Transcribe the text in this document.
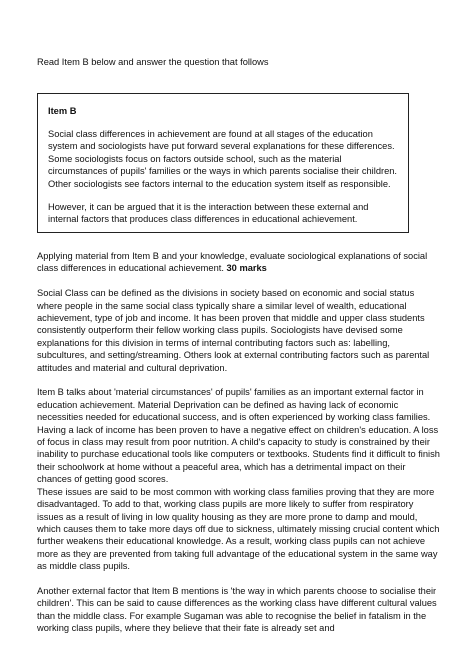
Read Item B below and answer the question that follows
Item B

Social class differences in achievement are found at all stages of the education system and sociologists have put forward several explanations for these differences. Some sociologists focus on factors outside school, such as the material circumstances of pupils' families or the ways in which parents socialise their children. Other sociologists see factors internal to the education system itself as responsible.

However, it can be argued that it is the interaction between these external and internal factors that produces class differences in educational achievement.

Applying material from Item B and your knowledge, evaluate sociological explanations of social class differences in educational achievement. 30 marks

Social Class can be defined as the divisions in society based on economic and social status where people in the same social class typically share a similar level of wealth, educational achievement, type of job and income. It has been proven that middle and upper class students consistently outperform their fellow working class pupils. Sociologists have devised some explanations for this division in terms of internal contributing factors such as: labelling, subcultures, and setting/streaming. Others look at external contributing factors such as parental attitudes and material and cultural deprivation.

Item B talks about 'material circumstances' of pupils' families as an important external factor in education achievement. Material Deprivation can be defined as having lack of economic necessities needed for educational success, and is often experienced by working class families. Having a lack of income has been proven to have a negative effect on children's education. A loss of focus in class may result from poor nutrition. A child's capacity to study is constrained by their inability to purchase educational tools like computers or textbooks. Students find it difficult to finish their schoolwork at home without a peaceful area, which has a detrimental impact on their chances of getting good scores.

These issues are said to be most common with working class families proving that they are more disadvantaged. To add to that, working class pupils are more likely to suffer from respiratory issues as a result of living in low quality housing as they are more prone to damp and mould, which causes them to take more days off due to sickness, ultimately missing crucial content which further weakens their educational knowledge. As a result, working class pupils can not achieve more as they are prevented from taking full advantage of the educational system in the same way as middle class pupils.

Another external factor that Item B mentions is 'the way in which parents choose to socialise their children'. This can be said to cause differences as the working class have different cultural values than the middle class. For example Sugaman was able to recognise the belief in fatalism in the working class pupils, where they believe that their fate is already set and
